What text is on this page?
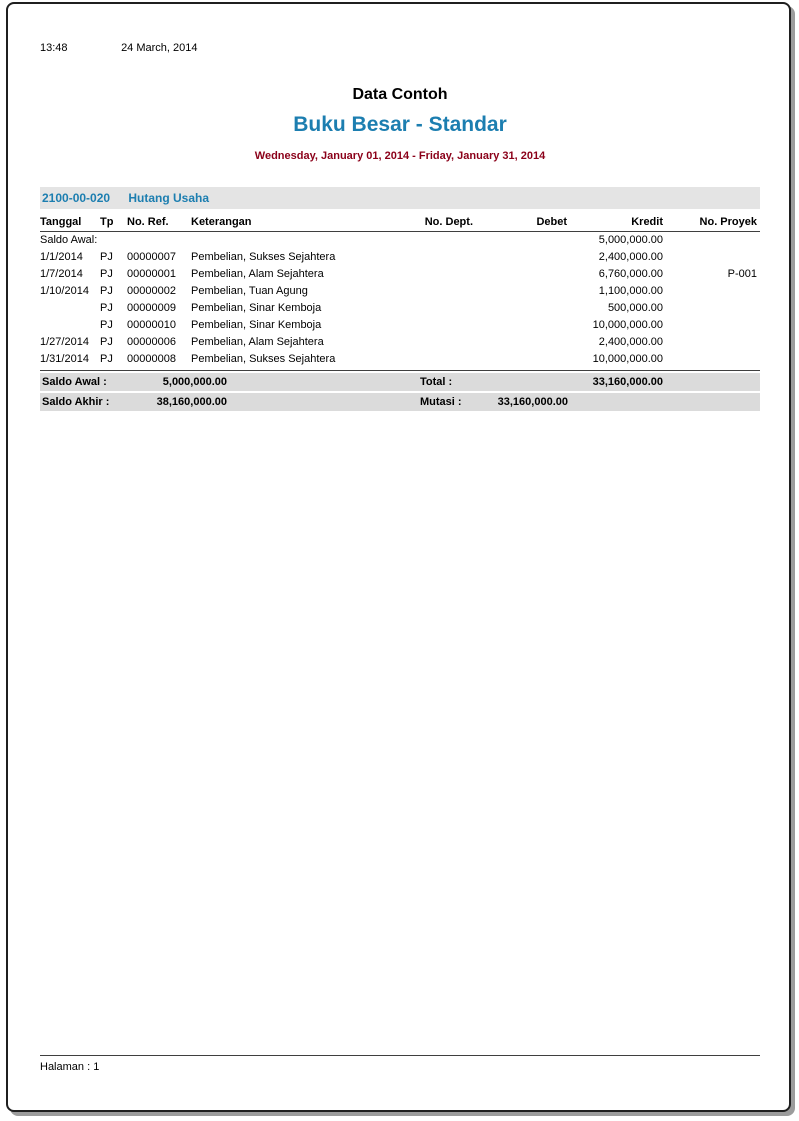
13:48	24 March, 2014
Data Contoh
Buku Besar - Standar
Wednesday, January 01, 2014 - Friday, January 31, 2014
2100-00-020 Hutang Usaha
Tanggal	Tp	No. Ref.	Keterangan	No. Dept.	Debet	Kredit	No. Proyek
Saldo Awal:						5,000,000.00	
1/1/2014	PJ	00000007	Pembelian, Sukses Sejahtera			2,400,000.00	
1/7/2014	PJ	00000001	Pembelian, Alam Sejahtera			6,760,000.00	P-001
1/10/2014	PJ	00000002	Pembelian, Tuan Agung			1,100,000.00	
	PJ	00000009	Pembelian, Sinar Kemboja			500,000.00	
	PJ	00000010	Pembelian, Sinar Kemboja			10,000,000.00	
1/27/2014	PJ	00000006	Pembelian, Alam Sejahtera			2,400,000.00	
1/31/2014	PJ	00000008	Pembelian, Sukses Sejahtera			10,000,000.00	
Saldo Awal :	5,000,000.00	Total :	33,160,000.00
Saldo Akhir :	38,160,000.00	Mutasi :	33,160,000.00
Halaman : 1
